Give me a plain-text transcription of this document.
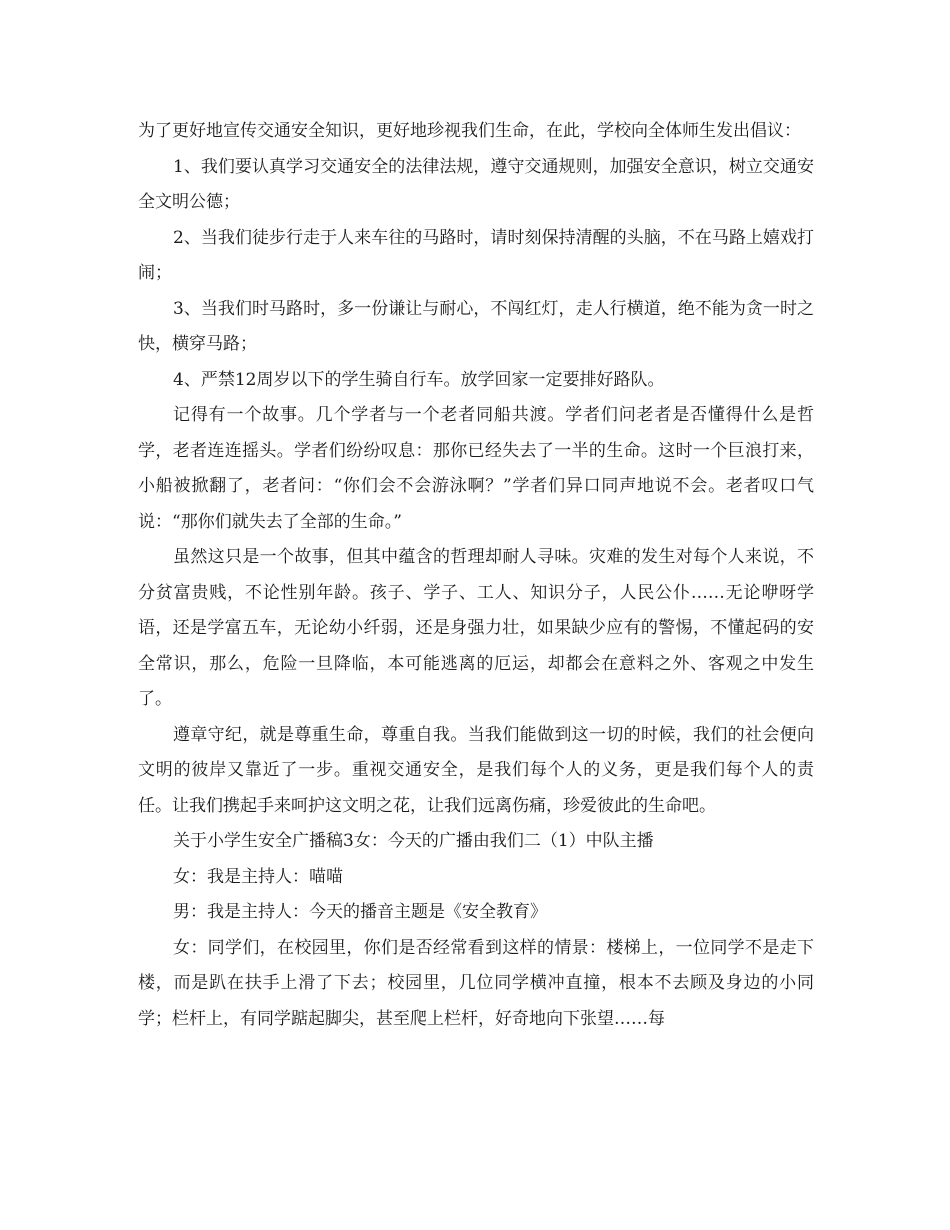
为了更好地宣传交通安全知识，更好地珍视我们生命，在此，学校向全体师生发出倡议：

1、我们要认真学习交通安全的法律法规，遵守交通规则，加强安全意识，树立交通安全文明公德；

2、当我们徒步行走于人来车往的马路时，请时刻保持清醒的头脑，不在马路上嬉戏打闹；

3、当我们时马路时，多一份谦让与耐心，不闯红灯，走人行横道，绝不能为贪一时之快，横穿马路；

4、严禁12周岁以下的学生骑自行车。放学回家一定要排好路队。

记得有一个故事。几个学者与一个老者同船共渡。学者们问老者是否懂得什么是哲学，老者连连摇头。学者们纷纷叹息：那你已经失去了一半的生命。这时一个巨浪打来，小船被掀翻了，老者问：“你们会不会游泳啊？”学者们异口同声地说不会。老者叹口气说：“那你们就失去了全部的生命。”

虽然这只是一个故事，但其中蕴含的哲理却耐人寻味。灾难的发生对每个人来说，不分贫富贵贱，不论性别年龄。孩子、学子、工人、知识分子，人民公仆……无论咿呀学语，还是学富五车，无论幼小纤弱，还是身强力壮，如果缺少应有的警惕，不懂起码的安全常识，那么，危险一旦降临，本可能逃离的厄运，却都会在意料之外、客观之中发生了。

遵章守纪，就是尊重生命，尊重自我。当我们能做到这一切的时候，我们的社会便向文明的彼岸又靠近了一步。重视交通安全，是我们每个人的义务，更是我们每个人的责任。让我们携起手来呵护这文明之花，让我们远离伤痛，珍爱彼此的生命吧。

关于小学生安全广播稿3女：今天的广播由我们二（1）中队主播

女：我是主持人：喵喵

男：我是主持人：今天的播音主题是《安全教育》

女：同学们，在校园里，你们是否经常看到这样的情景：楼梯上，一位同学不是走下楼，而是趴在扶手上滑了下去；校园里，几位同学横冲直撞，根本不去顾及身边的小同学；栏杆上，有同学踮起脚尖，甚至爬上栏杆，好奇地向下张望……每
